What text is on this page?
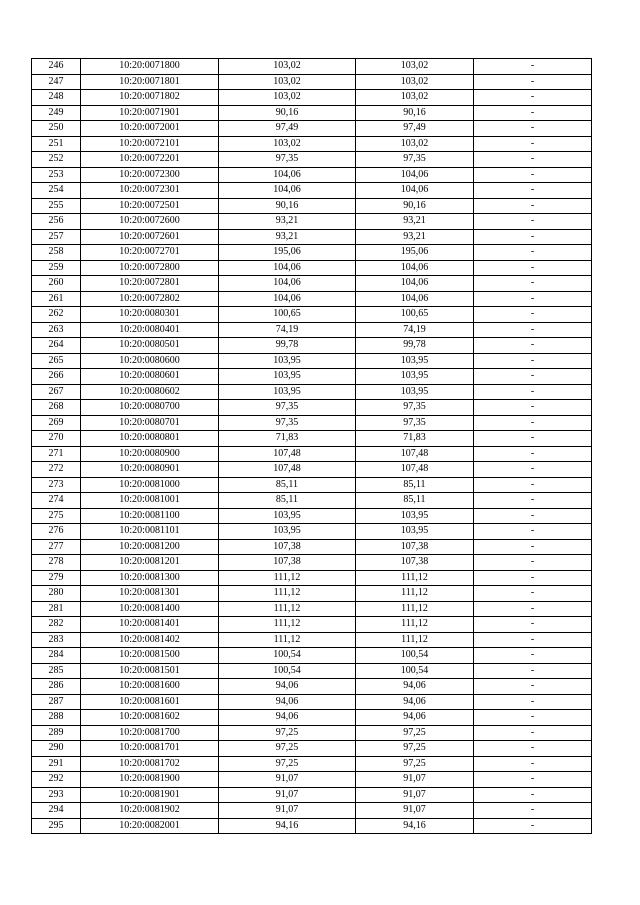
246	10:20:0071800	103,02	103,02	-
247	10:20:0071801	103,02	103,02	-
248	10:20:0071802	103,02	103,02	-
249	10:20:0071901	90,16	90,16	-
250	10:20:0072001	97,49	97,49	-
251	10:20:0072101	103,02	103,02	-
252	10:20:0072201	97,35	97,35	-
253	10:20:0072300	104,06	104,06	-
254	10:20:0072301	104,06	104,06	-
255	10:20:0072501	90,16	90,16	-
256	10:20:0072600	93,21	93,21	-
257	10:20:0072601	93,21	93,21	-
258	10:20:0072701	195,06	195,06	-
259	10:20:0072800	104,06	104,06	-
260	10:20:0072801	104,06	104,06	-
261	10:20:0072802	104,06	104,06	-
262	10:20:0080301	100,65	100,65	-
263	10:20:0080401	74,19	74,19	-
264	10:20:0080501	99,78	99,78	-
265	10:20:0080600	103,95	103,95	-
266	10:20:0080601	103,95	103,95	-
267	10:20:0080602	103,95	103,95	-
268	10:20:0080700	97,35	97,35	-
269	10:20:0080701	97,35	97,35	-
270	10:20:0080801	71,83	71,83	-
271	10:20:0080900	107,48	107,48	-
272	10:20:0080901	107,48	107,48	-
273	10:20:0081000	85,11	85,11	-
274	10:20:0081001	85,11	85,11	-
275	10:20:0081100	103,95	103,95	-
276	10:20:0081101	103,95	103,95	-
277	10:20:0081200	107,38	107,38	-
278	10:20:0081201	107,38	107,38	-
279	10:20:0081300	111,12	111,12	-
280	10:20:0081301	111,12	111,12	-
281	10:20:0081400	111,12	111,12	-
282	10:20:0081401	111,12	111,12	-
283	10:20:0081402	111,12	111,12	-
284	10:20:0081500	100,54	100,54	-
285	10:20:0081501	100,54	100,54	-
286	10:20:0081600	94,06	94,06	-
287	10:20:0081601	94,06	94,06	-
288	10:20:0081602	94,06	94,06	-
289	10:20:0081700	97,25	97,25	-
290	10:20:0081701	97,25	97,25	-
291	10:20:0081702	97,25	97,25	-
292	10:20:0081900	91,07	91,07	-
293	10:20:0081901	91,07	91,07	-
294	10:20:0081902	91,07	91,07	-
295	10:20:0082001	94,16	94,16	-
